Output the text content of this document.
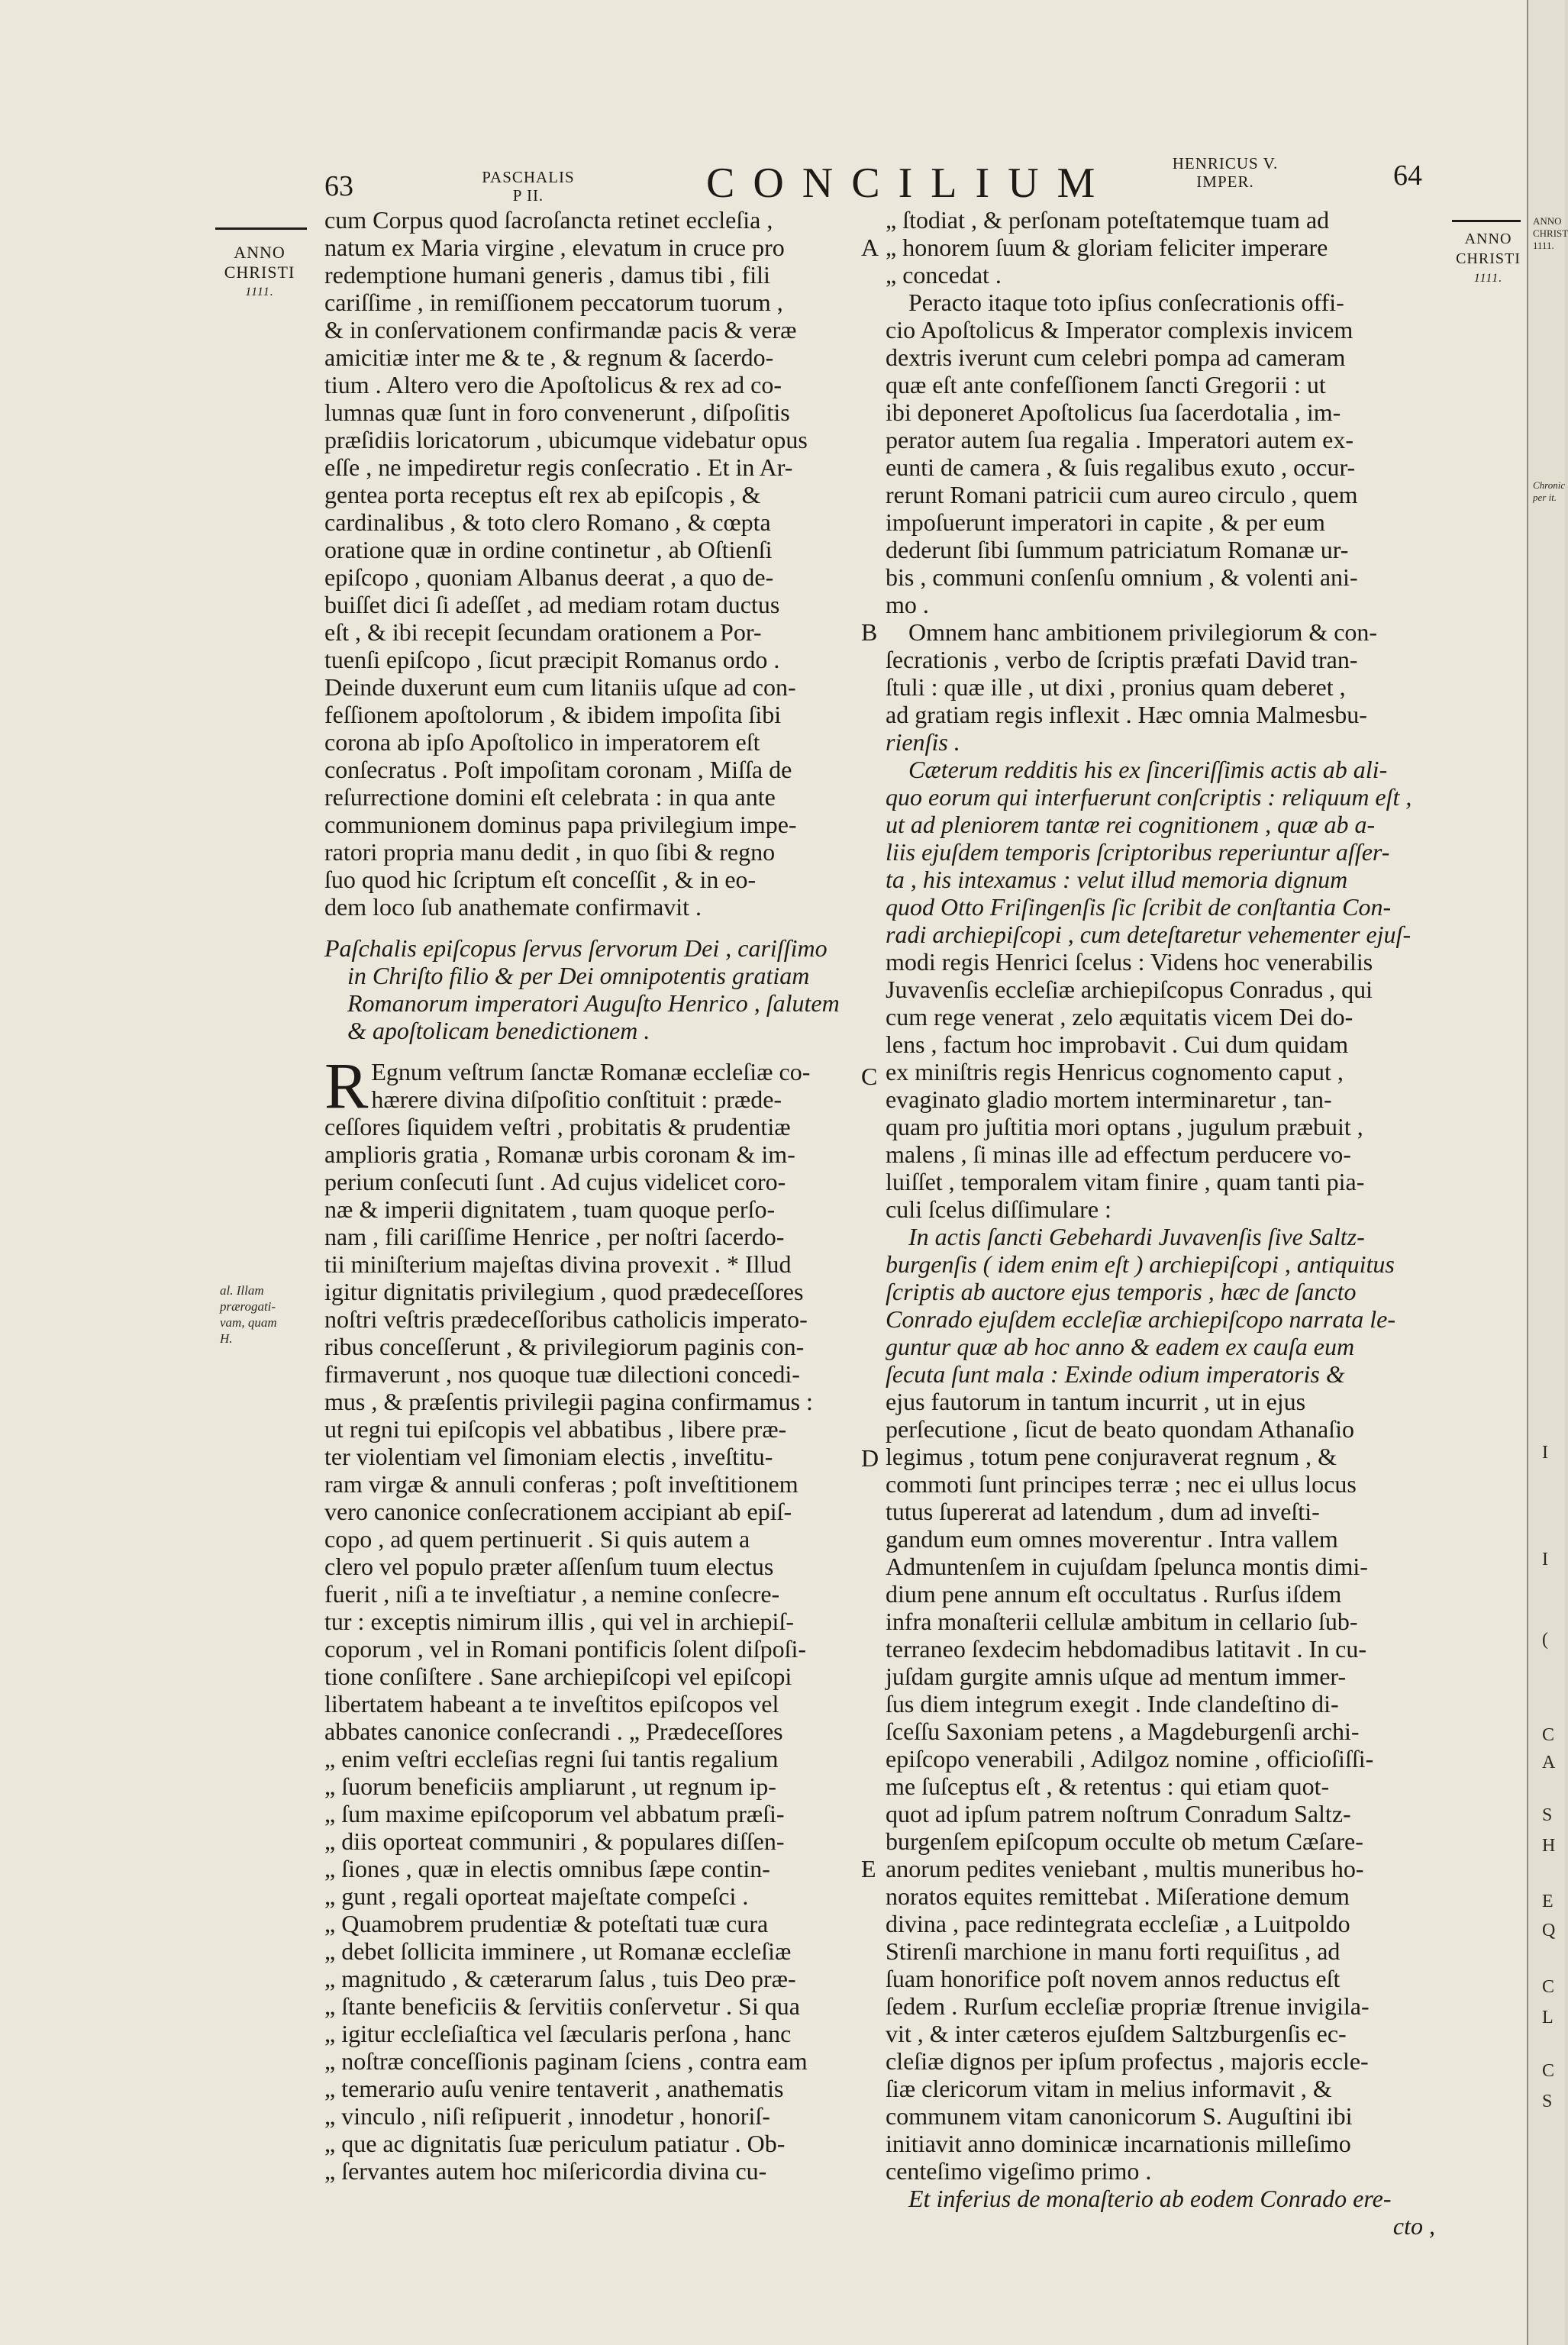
63	PASCHALIS
P II.	CONCILIUM	HENRICUS V.
IMPER.	64
ANNO
CHRISTI
1111.
ANNO
CHRISTI
1111.
al. Illam
prærogati-
vam, quam
H.
A
B
C
D
E
cum Corpus quod ſacroſancta retinet eccleſia ,
natum ex Maria virgine , elevatum in cruce pro
redemptione humani generis , damus tibi , fili
cariſſime , in remiſſionem peccatorum tuorum ,
& in conſervationem confirmandæ pacis & veræ
amicitiæ inter me & te , & regnum & ſacerdo-
tium . Altero vero die Apoſtolicus & rex ad co-
lumnas quæ ſunt in foro convenerunt , diſpoſitis
præſidiis loricatorum , ubicumque videbatur opus
eſſe , ne impediretur regis conſecratio . Et in Ar-
gentea porta receptus eſt rex ab epiſcopis , &
cardinalibus , & toto clero Romano , & cœpta
oratione quæ in ordine continetur , ab Oſtienſi
epiſcopo , quoniam Albanus deerat , a quo de-
buiſſet dici ſi adeſſet , ad mediam rotam ductus
eſt , & ibi recepit ſecundam orationem a Por-
tuenſi epiſcopo , ſicut præcipit Romanus ordo .
Deinde duxerunt eum cum litaniis uſque ad con-
feſſionem apoſtolorum , & ibidem impoſita ſibi
corona ab ipſo Apoſtolico in imperatorem eſt
conſecratus . Poſt impoſitam coronam , Miſſa de
reſurrectione domini eſt celebrata : in qua ante
communionem dominus papa privilegium impe-
ratori propria manu dedit , in quo ſibi & regno
ſuo quod hic ſcriptum eſt conceſſit , & in eo-
dem loco ſub anathemate confirmavit .
Paſchalis epiſcopus ſervus ſervorum Dei , cariſſimo
in Chriſto filio & per Dei omnipotentis gratiam
Romanorum imperatori Auguſto Henrico , ſalutem
& apoſtolicam benedictionem .
R Egnum veſtrum ſanctæ Romanæ eccleſiæ co-
hærere divina diſpoſitio conſtituit : præde-
ceſſores ſiquidem veſtri , probitatis & prudentiæ
amplioris gratia , Romanæ urbis coronam & im-
perium conſecuti ſunt . Ad cujus videlicet coro-
næ & imperii dignitatem , tuam quoque perſo-
nam , fili cariſſime Henrice , per noſtri ſacerdo-
tii miniſterium majeſtas divina provexit . * Illud
igitur dignitatis privilegium , quod prædeceſſores
noſtri veſtris prædeceſſoribus catholicis imperato-
ribus conceſſerunt , & privilegiorum paginis con-
firmaverunt , nos quoque tuæ dilectioni concedi-
mus , & præſentis privilegii pagina confirmamus :
ut regni tui epiſcopis vel abbatibus , libere præ-
ter violentiam vel ſimoniam electis , inveſtitu-
ram virgæ & annuli conferas ; poſt inveſtitionem
vero canonice conſecrationem accipiant ab epiſ-
copo , ad quem pertinuerit . Si quis autem a
clero vel populo præter aſſenſum tuum electus
fuerit , niſi a te inveſtiatur , a nemine conſecre-
tur : exceptis nimirum illis , qui vel in archiepiſ-
coporum , vel in Romani pontificis ſolent diſpoſi-
tione conſiſtere . Sane archiepiſcopi vel epiſcopi
libertatem habeant a te inveſtitos epiſcopos vel
abbates canonice conſecrandi . „ Prædeceſſores
„ enim veſtri eccleſias regni ſui tantis regalium
„ ſuorum beneficiis ampliarunt , ut regnum ip-
„ ſum maxime epiſcoporum vel abbatum præſi-
„ diis oporteat communiri , & populares diſſen-
„ ſiones , quæ in electis omnibus ſæpe contin-
„ gunt , regali oporteat majeſtate compeſci .
„ Quamobrem prudentiæ & poteſtati tuæ cura
„ debet ſollicita imminere , ut Romanæ eccleſiæ
„ magnitudo , & cæterarum ſalus , tuis Deo præ-
„ ſtante beneficiis & ſervitiis conſervetur . Si qua
„ igitur eccleſiaſtica vel ſæcularis perſona , hanc
„ noſtræ conceſſionis paginam ſciens , contra eam
„ temerario auſu venire tentaverit , anathematis
„ vinculo , niſi reſipuerit , innodetur , honoriſ-
„ que ac dignitatis ſuæ periculum patiatur . Ob-
„ ſervantes autem hoc miſericordia divina cu-
„ ſtodiat , & perſonam poteſtatemque tuam ad
„ honorem ſuum & gloriam feliciter imperare
„ concedat .
Peracto itaque toto ipſius conſecrationis offi-
cio Apoſtolicus & Imperator complexis invicem
dextris iverunt cum celebri pompa ad cameram
quæ eſt ante confeſſionem ſancti Gregorii : ut
ibi deponeret Apoſtolicus ſua ſacerdotalia , im-
perator autem ſua regalia . Imperatori autem ex-
eunti de camera , & ſuis regalibus exuto , occur-
rerunt Romani patricii cum aureo circulo , quem
impoſuerunt imperatori in capite , & per eum
dederunt ſibi ſummum patriciatum Romanæ ur-
bis , communi conſenſu omnium , & volenti ani-
mo .
Omnem hanc ambitionem privilegiorum & con-
ſecrationis , verbo de ſcriptis præfati David tran-
ſtuli : quæ ille , ut dixi , pronius quam deberet ,
ad gratiam regis inflexit . Hæc omnia Malmesbu-
rienſis .
Cæterum redditis his ex ſinceriſſimis actis ab ali-
quo eorum qui interfuerunt conſcriptis : reliquum eſt ,
ut ad pleniorem tantæ rei cognitionem , quæ ab a-
liis ejuſdem temporis ſcriptoribus reperiuntur aſſer-
ta , his intexamus : velut illud memoria dignum
quod Otto Friſingenſis ſic ſcribit de conſtantia Con-
radi archiepiſcopi , cum deteſtaretur vehementer ejuſ-
modi regis Henrici ſcelus : Videns hoc venerabilis
Juvavenſis eccleſiæ archiepiſcopus Conradus , qui
cum rege venerat , zelo æquitatis vicem Dei do-
lens , factum hoc improbavit . Cui dum quidam
ex miniſtris regis Henricus cognomento caput ,
evaginato gladio mortem interminaretur , tan-
quam pro juſtitia mori optans , jugulum præbuit ,
malens , ſi minas ille ad effectum perducere vo-
luiſſet , temporalem vitam finire , quam tanti pia-
culi ſcelus diſſimulare :
In actis ſancti Gebehardi Juvavenſis ſive Saltz-
burgenſis ( idem enim eſt ) archiepiſcopi , antiquitus
ſcriptis ab auctore ejus temporis , hæc de ſancto
Conrado ejuſdem eccleſiæ archiepiſcopo narrata le-
guntur quæ ab hoc anno & eadem ex cauſa eum
ſecuta ſunt mala : Exinde odium imperatoris &
ejus fautorum in tantum incurrit , ut in ejus
perſecutione , ſicut de beato quondam Athanaſio
legimus , totum pene conjuraverat regnum , &
commoti ſunt principes terræ ; nec ei ullus locus
tutus ſupererat ad latendum , dum ad inveſti-
gandum eum omnes moverentur . Intra vallem
Admuntenſem in cujuſdam ſpelunca montis dimi-
dium pene annum eſt occultatus . Rurſus iſdem
infra monaſterii cellulæ ambitum in cellario ſub-
terraneo ſexdecim hebdomadibus latitavit . In cu-
juſdam gurgite amnis uſque ad mentum immer-
ſus diem integrum exegit . Inde clandeſtino di-
ſceſſu Saxoniam petens , a Magdeburgenſi archi-
epiſcopo venerabili , Adilgoz nomine , officioſiſſi-
me ſuſceptus eſt , & retentus : qui etiam quot-
quot ad ipſum patrem noſtrum Conradum Saltz-
burgenſem epiſcopum occulte ob metum Cæſare-
anorum pedites veniebant , multis muneribus ho-
noratos equites remittebat . Miſeratione demum
divina , pace redintegrata eccleſiæ , a Luitpoldo
Stirenſi marchione in manu forti requiſitus , ad
ſuam honorifice poſt novem annos reductus eſt
ſedem . Rurſum eccleſiæ propriæ ſtrenue invigila-
vit , & inter cæteros ejuſdem Saltzburgenſis ec-
cleſiæ dignos per ipſum profectus , majoris eccle-
ſiæ clericorum vitam in melius informavit , &
communem vitam canonicorum S. Auguſtini ibi
initiavit anno dominicæ incarnationis milleſimo
centeſimo vigeſimo primo .
Et inferius de monaſterio ab eodem Conrado ere-
cto ,
ANNO
CHRIST
1111.
Chronic
per it.
I
I
(
C
A
S
H
E
Q
C
L
C
S
